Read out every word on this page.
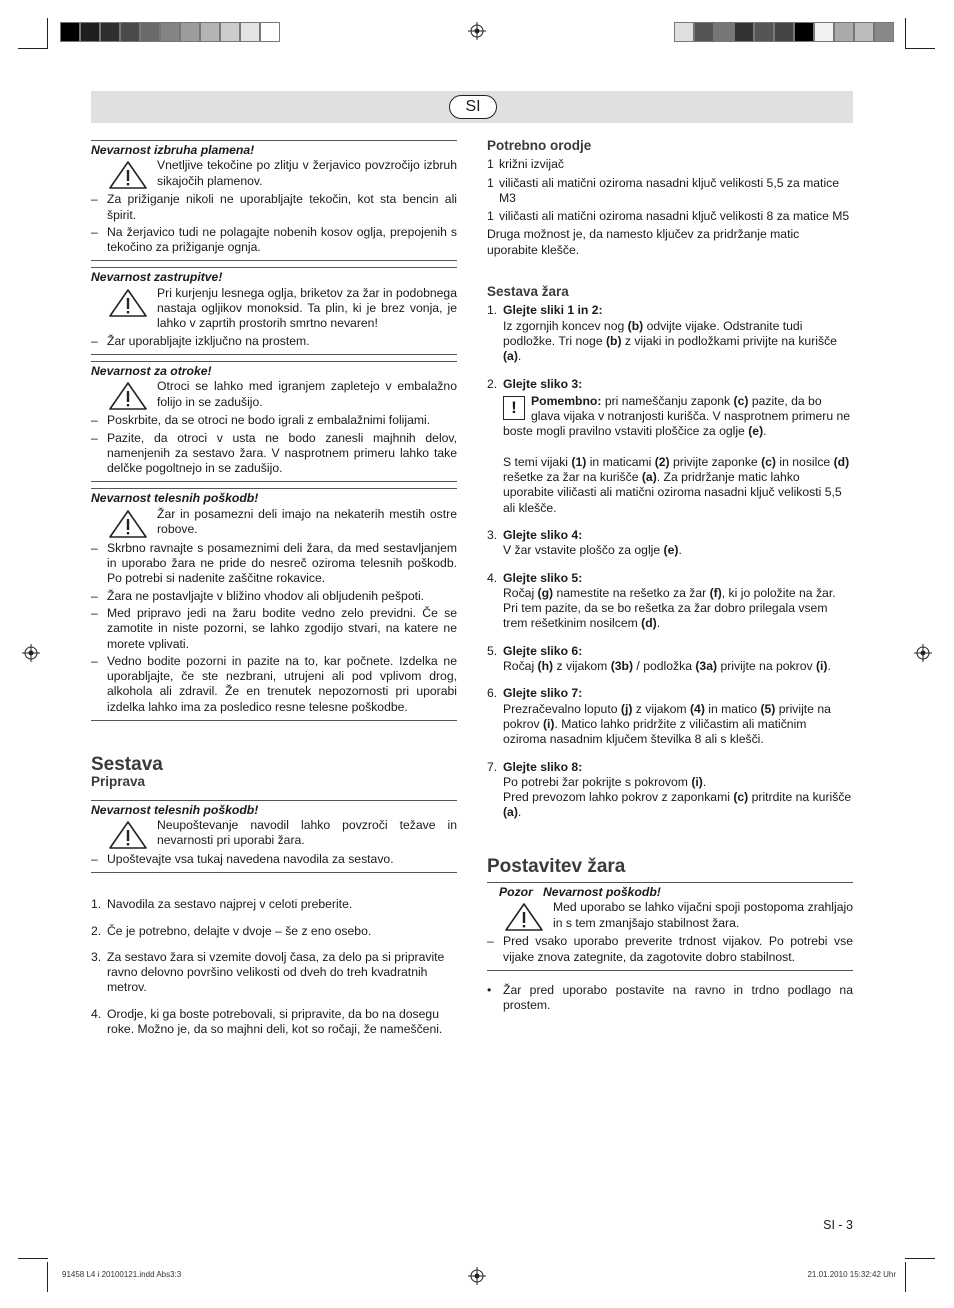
SI

Nevarnost izbruha plamena!

Vnetljive tekočine po zlitju v žerjavico povzročijo izbruh sikajočih plamenov.

– Za prižiganje nikoli ne uporabljajte tekočin, kot sta bencin ali špirit.
– Na žerjavico tudi ne polagajte nobenih kosov oglja, prepojenih s tekočino za prižiganje ognja.

Nevarnost zastrupitve!

Pri kurjenju lesnega oglja, briketov za žar in podobnega nastaja ogljikov monoksid. Ta plin, ki je brez vonja, je lahko v zaprtih prostorih smrtno nevaren!

– Žar uporabljajte izključno na prostem.

Nevarnost za otroke!

Otroci se lahko med igranjem zapletejo v embalažno folijo in se zadušijo.

– Poskrbite, da se otroci ne bodo igrali z embalažnimi folijami.
– Pazite, da otroci v usta ne bodo zanesli majhnih delov, namenjenih za sestavo žara. V nasprotnem primeru lahko take delčke pogoltnejo in se zadušijo.

Nevarnost telesnih poškodb!

Žar in posamezni deli imajo na nekaterih mestih ostre robove.

– Skrbno ravnajte s posameznimi deli žara, da med sestavljanjem in uporabo žara ne pride do nesreč oziroma telesnih poškodb. Po potrebi si nadenite zaščitne rokavice.
– Žara ne postavljajte v bližino vhodov ali obljudenih pešpoti.
– Med pripravo jedi na žaru bodite vedno zelo previdni. Če se zamotite in niste pozorni, se lahko zgodijo stvari, na katere ne morete vplivati.
– Vedno bodite pozorni in pazite na to, kar počnete. Izdelka ne uporabljajte, če ste nezbrani, utrujeni ali pod vplivom drog, alkohola ali zdravil. Že en trenutek nepozornosti pri uporabi izdelka lahko ima za posledico resne telesne poškodbe.
Sestava
Priprava

Nevarnost telesnih poškodb!

Neupoštevanje navodil lahko povzroči težave in nevarnosti pri uporabi žara.

– Upoštevajte vsa tukaj navedena navodila za sestavo.
1. Navodila za sestavo najprej v celoti preberite.
2. Če je potrebno, delajte v dvoje – še z eno osebo.
3. Za sestavo žara si vzemite dovolj časa, za delo pa si pripravite ravno delovno površino velikosti od dveh do treh kvadratnih metrov.
4. Orodje, ki ga boste potrebovali, si pripravite, da bo na dosegu roke. Možno je, da so majhni deli, kot so ročaji, že nameščeni.
Potrebno orodje
1 križni izvijač
1 viličasti ali matični oziroma nasadni ključ velikosti 5,5 za matice M3
1 viličasti ali matični oziroma nasadni ključ velikosti 8 za matice M5

Druga možnost je, da namesto ključev za pridržanje matic uporabite klešče.

Sestava žara
1. Glejte sliki 1 in 2:
Iz zgornjih koncev nog (b) odvijte vijake. Odstranite tudi podložke. Tri noge (b) z vijaki in podložkami privijte na kurišče (a).
2. Glejte sliko 3:
!	Pomembno: pri nameščanju zaponk (c) pazite, da bo glava vijaka v notranjosti kurišča. V nasprotnem primeru ne boste mogli pravilno vstaviti ploščice za oglje (e).
S temi vijaki (1) in maticami (2) privijte zaponke (c) in nosilce (d) rešetke za žar na kurišče (a). Za pridržanje matic lahko uporabite viličasti ali matični oziroma nasadni ključ velikosti 5,5 ali klešče.
3. Glejte sliko 4:
V žar vstavite ploščo za oglje (e).
4. Glejte sliko 5:
Ročaj (g) namestite na rešetko za žar (f), ki jo položite na žar. Pri tem pazite, da se bo rešetka za žar dobro prilegala vsem trem rešetkinim nosilcem (d).
5. Glejte sliko 6:
Ročaj (h) z vijakom (3b) / podložka (3a) privijte na pokrov (i).
6. Glejte sliko 7:
Prezračevalno loputo (j) z vijakom (4) in matico (5) privijte na pokrov (i). Matico lahko pridržite z viličastim ali matičnim oziroma nasadnim ključem številka 8 ali s klešči.
7. Glejte sliko 8:
Po potrebi žar pokrijte s pokrovom (i).
Pred prevozom lahko pokrov z zaponkami (c) pritrdite na kurišče (a).
Postavitev žara

Pozor Nevarnost poškodb!

Med uporabo se lahko vijačni spoji postopoma zrahljajo in s tem zmanjšajo stabilnost žara.

– Pred vsako uporabo preverite trdnost vijakov. Po potrebi vse vijake znova zategnite, da zagotovite dobro stabilnost.
• Žar pred uporabo postavite na ravno in trdno podlago na prostem.
SI - 3
91458 L4 i 20100121.indd Abs3:3	21.01.2010 15:32:42 Uhr
